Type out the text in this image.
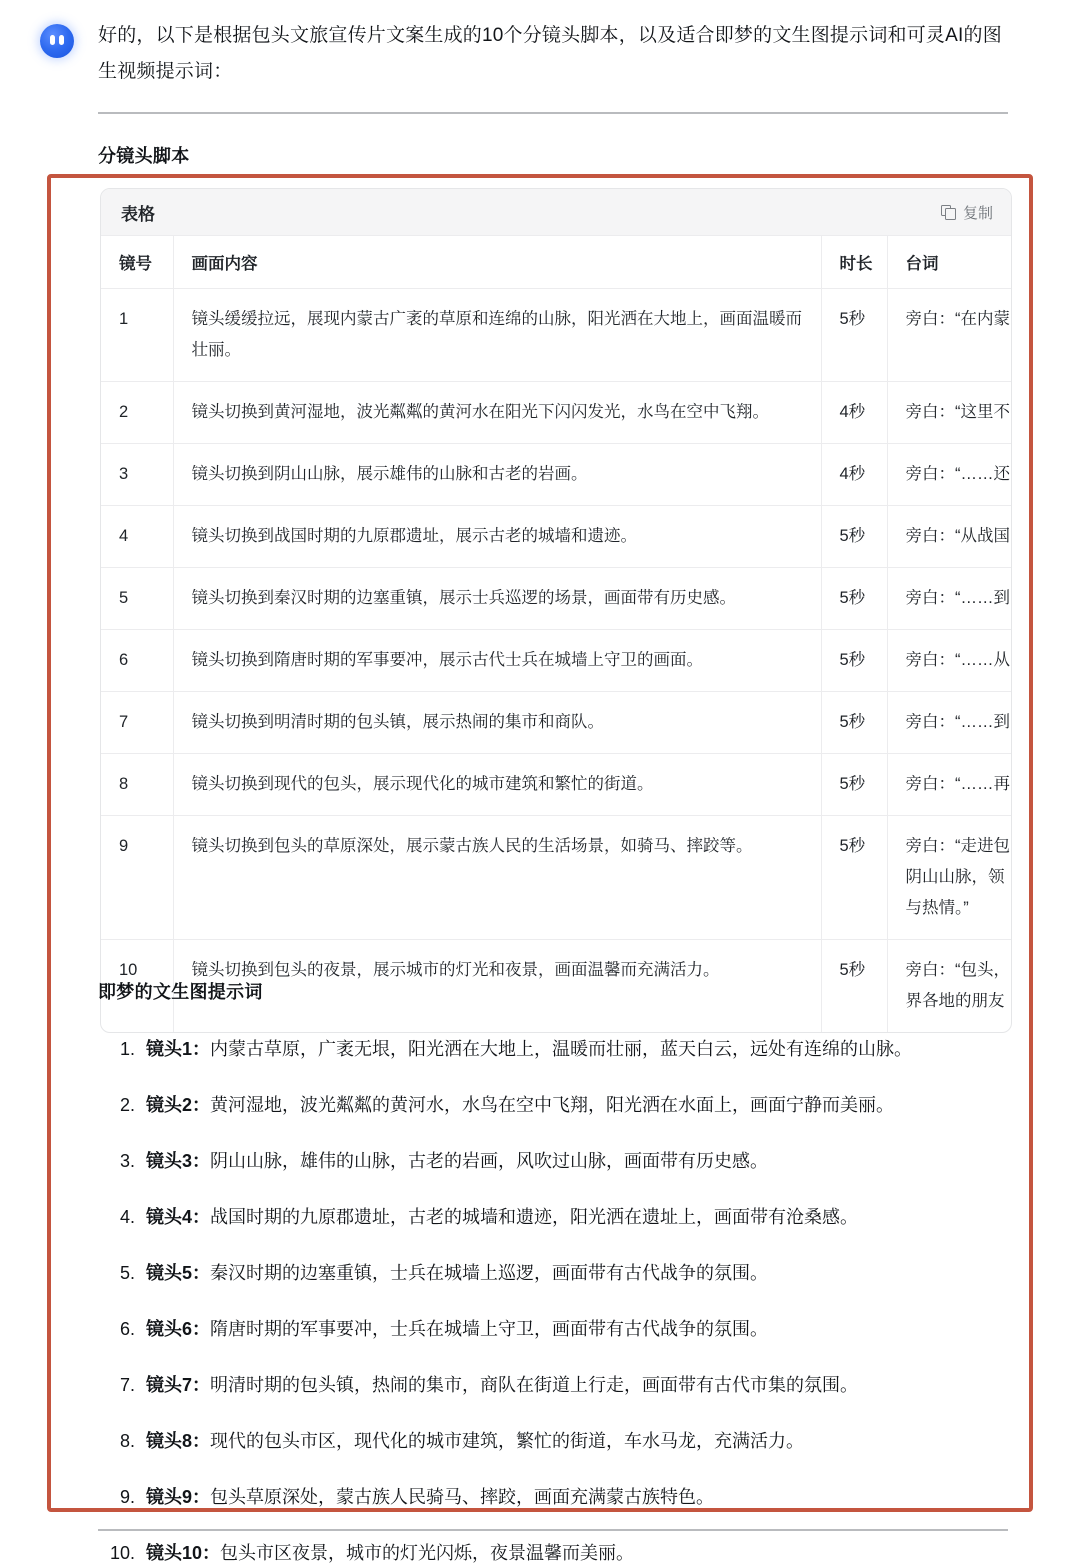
好的，以下是根据包头文旅宣传片文案生成的10个分镜头脚本，以及适合即梦的文生图提示词和可灵AI的图生视频提示词：
分镜头脚本
表格	复制
镜号	画面内容	时长	台词
1	镜头缓缓拉远，展现内蒙古广袤的草原和连绵的山脉，阳光洒在大地上，画面温暖而壮丽。	5秒	旁白：“在内蒙
2	镜头切换到黄河湿地，波光粼粼的黄河水在阳光下闪闪发光，水鸟在空中飞翔。	4秒	旁白：“这里不
3	镜头切换到阴山山脉，展示雄伟的山脉和古老的岩画。	4秒	旁白：“……还
4	镜头切换到战国时期的九原郡遗址，展示古老的城墙和遗迹。	5秒	旁白：“从战国
5	镜头切换到秦汉时期的边塞重镇，展示士兵巡逻的场景，画面带有历史感。	5秒	旁白：“……到
6	镜头切换到隋唐时期的军事要冲，展示古代士兵在城墙上守卫的画面。	5秒	旁白：“……从
7	镜头切换到明清时期的包头镇，展示热闹的集市和商队。	5秒	旁白：“……到
8	镜头切换到现代的包头，展示现代化的城市建筑和繁忙的街道。	5秒	旁白：“……再
9	镜头切换到包头的草原深处，展示蒙古族人民的生活场景，如骑马、摔跤等。	5秒	旁白：“走进包
阴山山脉，领
与热情。”
10	镜头切换到包头的夜景，展示城市的灯光和夜景，画面温馨而充满活力。	5秒	旁白：“包头，
界各地的朋友
即梦的文生图提示词
1. 镜头1：内蒙古草原，广袤无垠，阳光洒在大地上，温暖而壮丽，蓝天白云，远处有连绵的山脉。
2. 镜头2：黄河湿地，波光粼粼的黄河水，水鸟在空中飞翔，阳光洒在水面上，画面宁静而美丽。
3. 镜头3：阴山山脉，雄伟的山脉，古老的岩画，风吹过山脉，画面带有历史感。
4. 镜头4：战国时期的九原郡遗址，古老的城墙和遗迹，阳光洒在遗址上，画面带有沧桑感。
5. 镜头5：秦汉时期的边塞重镇，士兵在城墙上巡逻，画面带有古代战争的氛围。
6. 镜头6：隋唐时期的军事要冲，士兵在城墙上守卫，画面带有古代战争的氛围。
7. 镜头7：明清时期的包头镇，热闹的集市，商队在街道上行走，画面带有古代市集的氛围。
8. 镜头8：现代的包头市区，现代化的城市建筑，繁忙的街道，车水马龙，充满活力。
9. 镜头9：包头草原深处，蒙古族人民骑马、摔跤，画面充满蒙古族特色。
10. 镜头10：包头市区夜景，城市的灯光闪烁，夜景温馨而美丽。
